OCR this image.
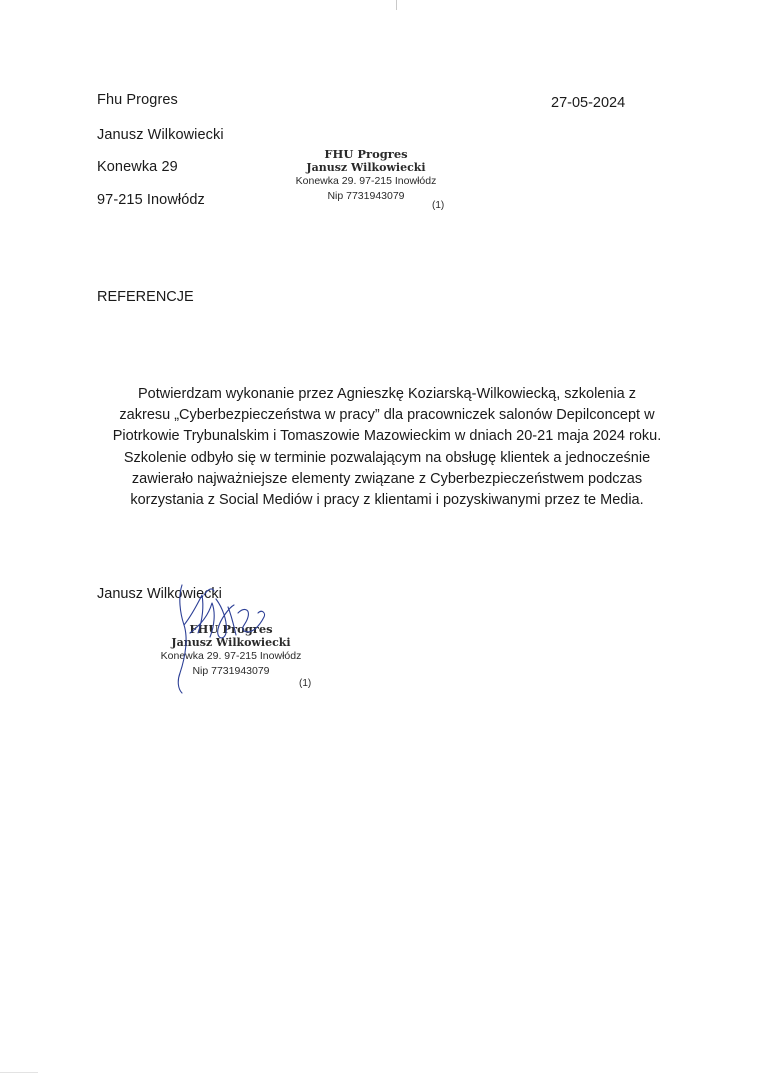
Fhu Progres
Janusz Wilkowiecki
Konewka 29
97-215 Inowłódz
27-05-2024
FHU Progres
Janusz Wilkowiecki
Konewka 29. 97-215 Inowłódz
Nip 7731943079
(1)
REFERENCJE
Potwierdzam wykonanie przez Agnieszkę Koziarską-Wilkowiecką, szkolenia z
zakresu „Cyberbezpieczeństwa w pracy” dla pracowniczek salonów Depilconcept w
Piotrkowie Trybunalskim i Tomaszowie Mazowieckim w dniach 20-21 maja 2024 roku.
Szkolenie odbyło się w terminie pozwalającym na obsługę klientek a jednocześnie
zawierało najważniejsze elementy związane z Cyberbezpieczeństwem podczas
korzystania z Social Mediów i pracy z klientami i pozyskiwanymi przez te Media.
Janusz Wilkowiecki
FHU Progres
Janusz Wilkowiecki
Konewka 29. 97-215 Inowłódz
Nip 7731943079
(1)
